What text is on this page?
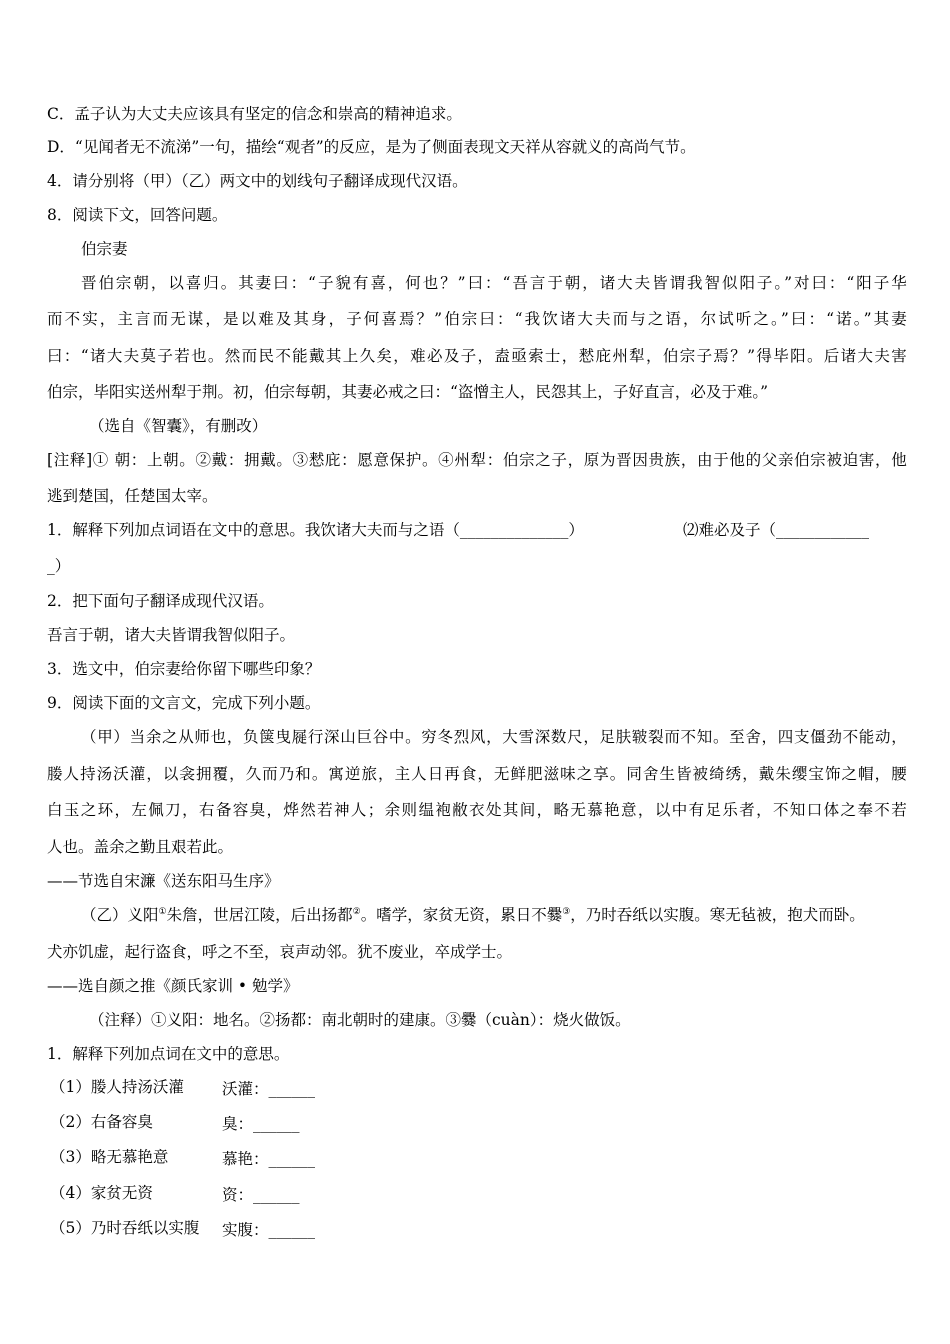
C．孟子认为大丈夫应该具有坚定的信念和崇高的精神追求。
D．“见闻者无不流涕”一句，描绘“观者”的反应，是为了侧面表现文天祥从容就义的高尚气节。
4．请分别将（甲）（乙）两文中的划线句子翻译成现代汉语。
8．阅读下文，回答问题。
伯宗妻
晋伯宗朝，以喜归。其妻曰：“子貌有喜，何也？”曰：“吾言于朝，诸大夫皆谓我智似阳子。”对曰：“阳子华
而不实，主言而无谋，是以难及其身，子何喜焉？”伯宗曰：“我饮诸大夫而与之语，尔试听之。”曰：“诺。”其妻
曰：“诸大夫莫子若也。然而民不能戴其上久矣，难必及子，盍亟索士，慭庇州犁，伯宗子焉？”得毕阳。后诸大夫害
伯宗，毕阳实送州犁于荆。初，伯宗每朝，其妻必戒之曰：“盗憎主人，民怨其上，子好直言，必及于难。”
（选自《智囊》，有删改）
[注释]① 朝：上朝。②戴：拥戴。③慭庇：愿意保护。④州犁：伯宗之子，原为晋因贵族，由于他的父亲伯宗被迫害，他
逃到楚国，任楚国太宰。
1．解释下列加点词语在文中的意思。我饮诸大夫而与之语（______________）	⑵难必及子（____________
_）
2．把下面句子翻译成现代汉语。
吾言于朝，诸大夫皆谓我智似阳子。
3．选文中，伯宗妻给你留下哪些印象？
9．阅读下面的文言文，完成下列小题。
（甲）当余之从师也，负箧曳屣行深山巨谷中。穷冬烈风，大雪深数尺，足肤皲裂而不知。至舍，四支僵劲不能动，
媵人持汤沃灌，以衾拥覆，久而乃和。寓逆旅，主人日再食，无鲜肥滋味之享。同舍生皆被绮绣，戴朱缨宝饰之帽，腰
白玉之环，左佩刀，右备容臭，烨然若神人；余则缊袍敝衣处其间，略无慕艳意，以中有足乐者，不知口体之奉不若
人也。盖余之勤且艰若此。
——节选自宋濂《送东阳马生序》
（乙）义阳①朱詹，世居江陵，后出扬都②。嗜学，家贫无资，累日不爨③，乃时吞纸以实腹。寒无毡被，抱犬而卧。
犬亦饥虚，起行盗食，呼之不至，哀声动邻。犹不废业，卒成学士。
——选自颜之推《颜氏家训 • 勉学》
（注释）①义阳：地名。②扬都：南北朝时的建康。③爨（cuàn）：烧火做饭。
1．解释下列加点词在文中的意思。
（1）媵人持汤沃灌 沃灌：______
（2）右备容臭	臭：______
（3）略无慕艳意	慕艳：______
（4）家贫无资	资：______
（5）乃时吞纸以实腹 实腹：______
